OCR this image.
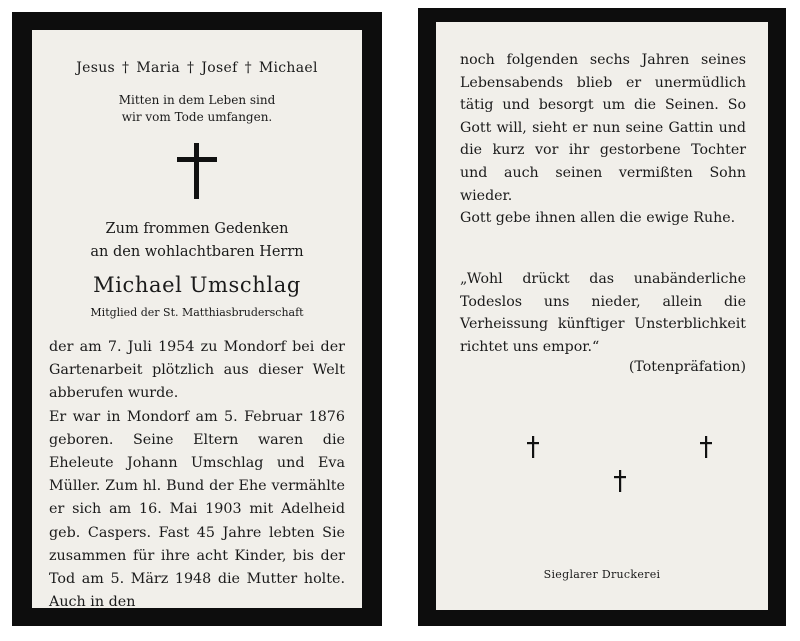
Jesus † Maria † Josef † Michael
Mitten in dem Leben sind
wir vom Tode umfangen.
Zum frommen Gedenken
an den wohlachtbaren Herrn
Michael Umschlag
Mitglied der St. Matthiasbruderschaft

der am 7. Juli 1954 zu Mondorf bei der Gartenarbeit plötzlich aus dieser Welt abberufen wurde.

Er war in Mondorf am 5. Februar 1876 geboren. Seine Eltern waren die Eheleute Johann Umschlag und Eva Müller. Zum hl. Bund der Ehe vermählte er sich am 16. Mai 1903 mit Adelheid geb. Caspers. Fast 45 Jahre lebten Sie zusammen für ihre acht Kinder, bis der Tod am 5. März 1948 die Mutter holte. Auch in den

noch folgenden sechs Jahren seines Lebensabends blieb er unermüdlich tätig und besorgt um die Seinen. So Gott will, sieht er nun seine Gattin und die kurz vor ihr gestorbene Tochter und auch seinen vermißten Sohn wieder.

Gott gebe ihnen allen die ewige Ruhe.

„Wohl drückt das unabänderliche Todeslos uns nieder, allein die Verheissung künftiger Unsterblichkeit richtet uns empor.“

(Totenpräfation)
Sieglarer Druckerei
